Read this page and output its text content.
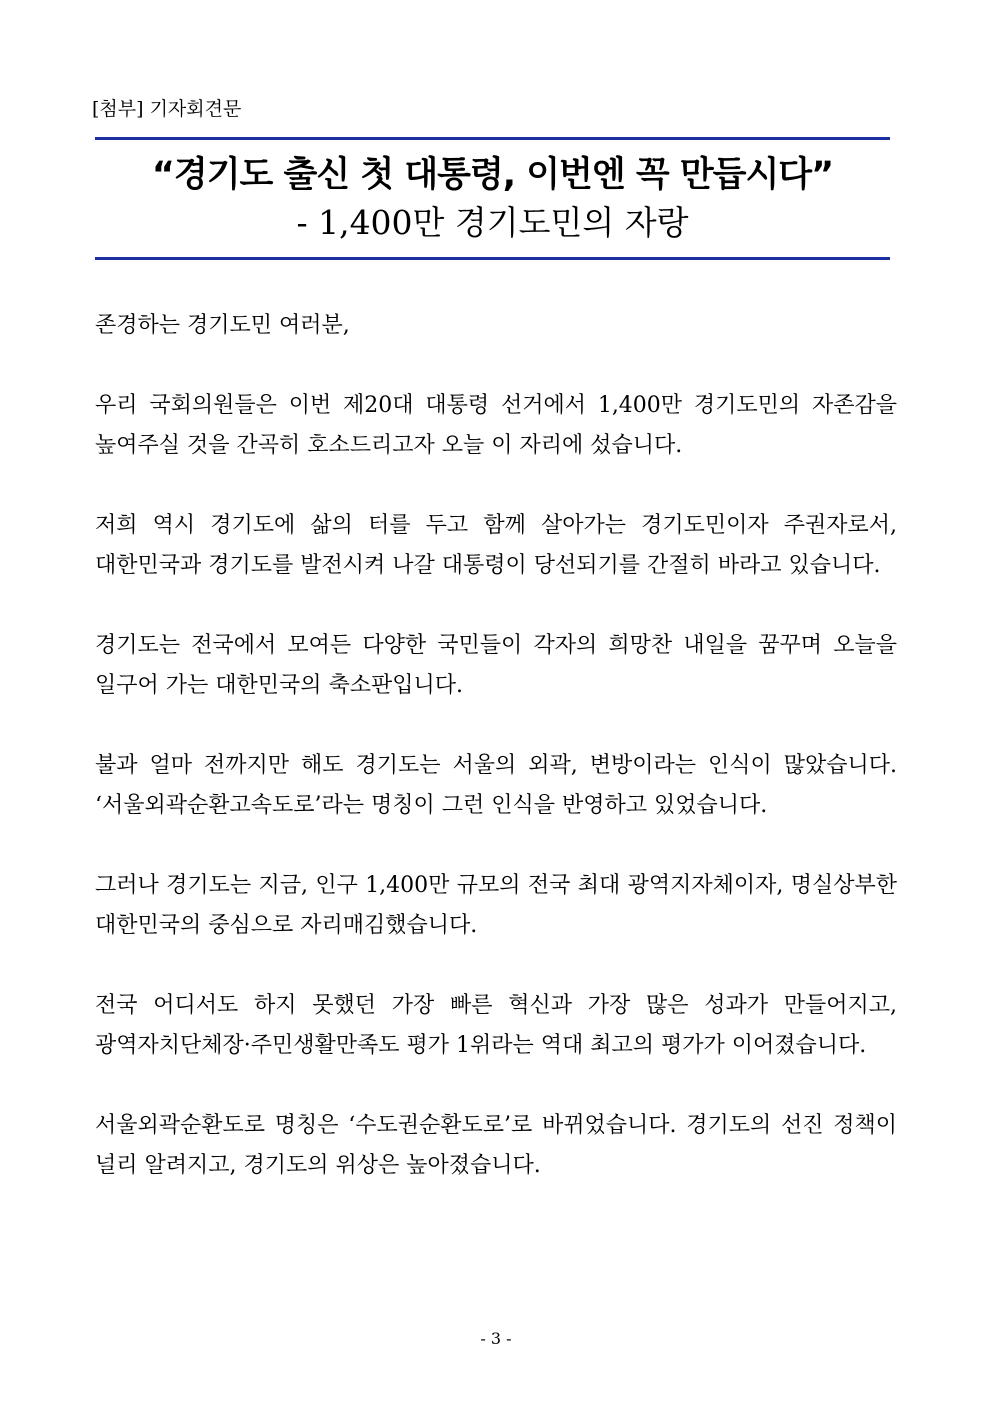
[첨부] 기자회견문
“경기도 출신 첫 대통령, 이번엔 꼭 만듭시다”
- 1,400만 경기도민의 자랑

존경하는 경기도민 여러분,

우리 국회의원들은 이번 제20대 대통령 선거에서 1,400만 경기도민의 자존감을 높여주실 것을 간곡히 호소드리고자 오늘 이 자리에 섰습니다.

저희 역시 경기도에 삶의 터를 두고 함께 살아가는 경기도민이자 주권자로서, 대한민국과 경기도를 발전시켜 나갈 대통령이 당선되기를 간절히 바라고 있습니다.

경기도는 전국에서 모여든 다양한 국민들이 각자의 희망찬 내일을 꿈꾸며 오늘을 일구어 가는 대한민국의 축소판입니다.

불과 얼마 전까지만 해도 경기도는 서울의 외곽, 변방이라는 인식이 많았습니다. ‘서울외곽순환고속도로’라는 명칭이 그런 인식을 반영하고 있었습니다.

그러나 경기도는 지금, 인구 1,400만 규모의 전국 최대 광역지자체이자, 명실상부한 대한민국의 중심으로 자리매김했습니다.

전국 어디서도 하지 못했던 가장 빠른 혁신과 가장 많은 성과가 만들어지고, 광역자치단체장·주민생활만족도 평가 1위라는 역대 최고의 평가가 이어졌습니다.

서울외곽순환도로 명칭은 ‘수도권순환도로’로 바뀌었습니다. 경기도의 선진 정책이 널리 알려지고, 경기도의 위상은 높아졌습니다.

- 3 -
